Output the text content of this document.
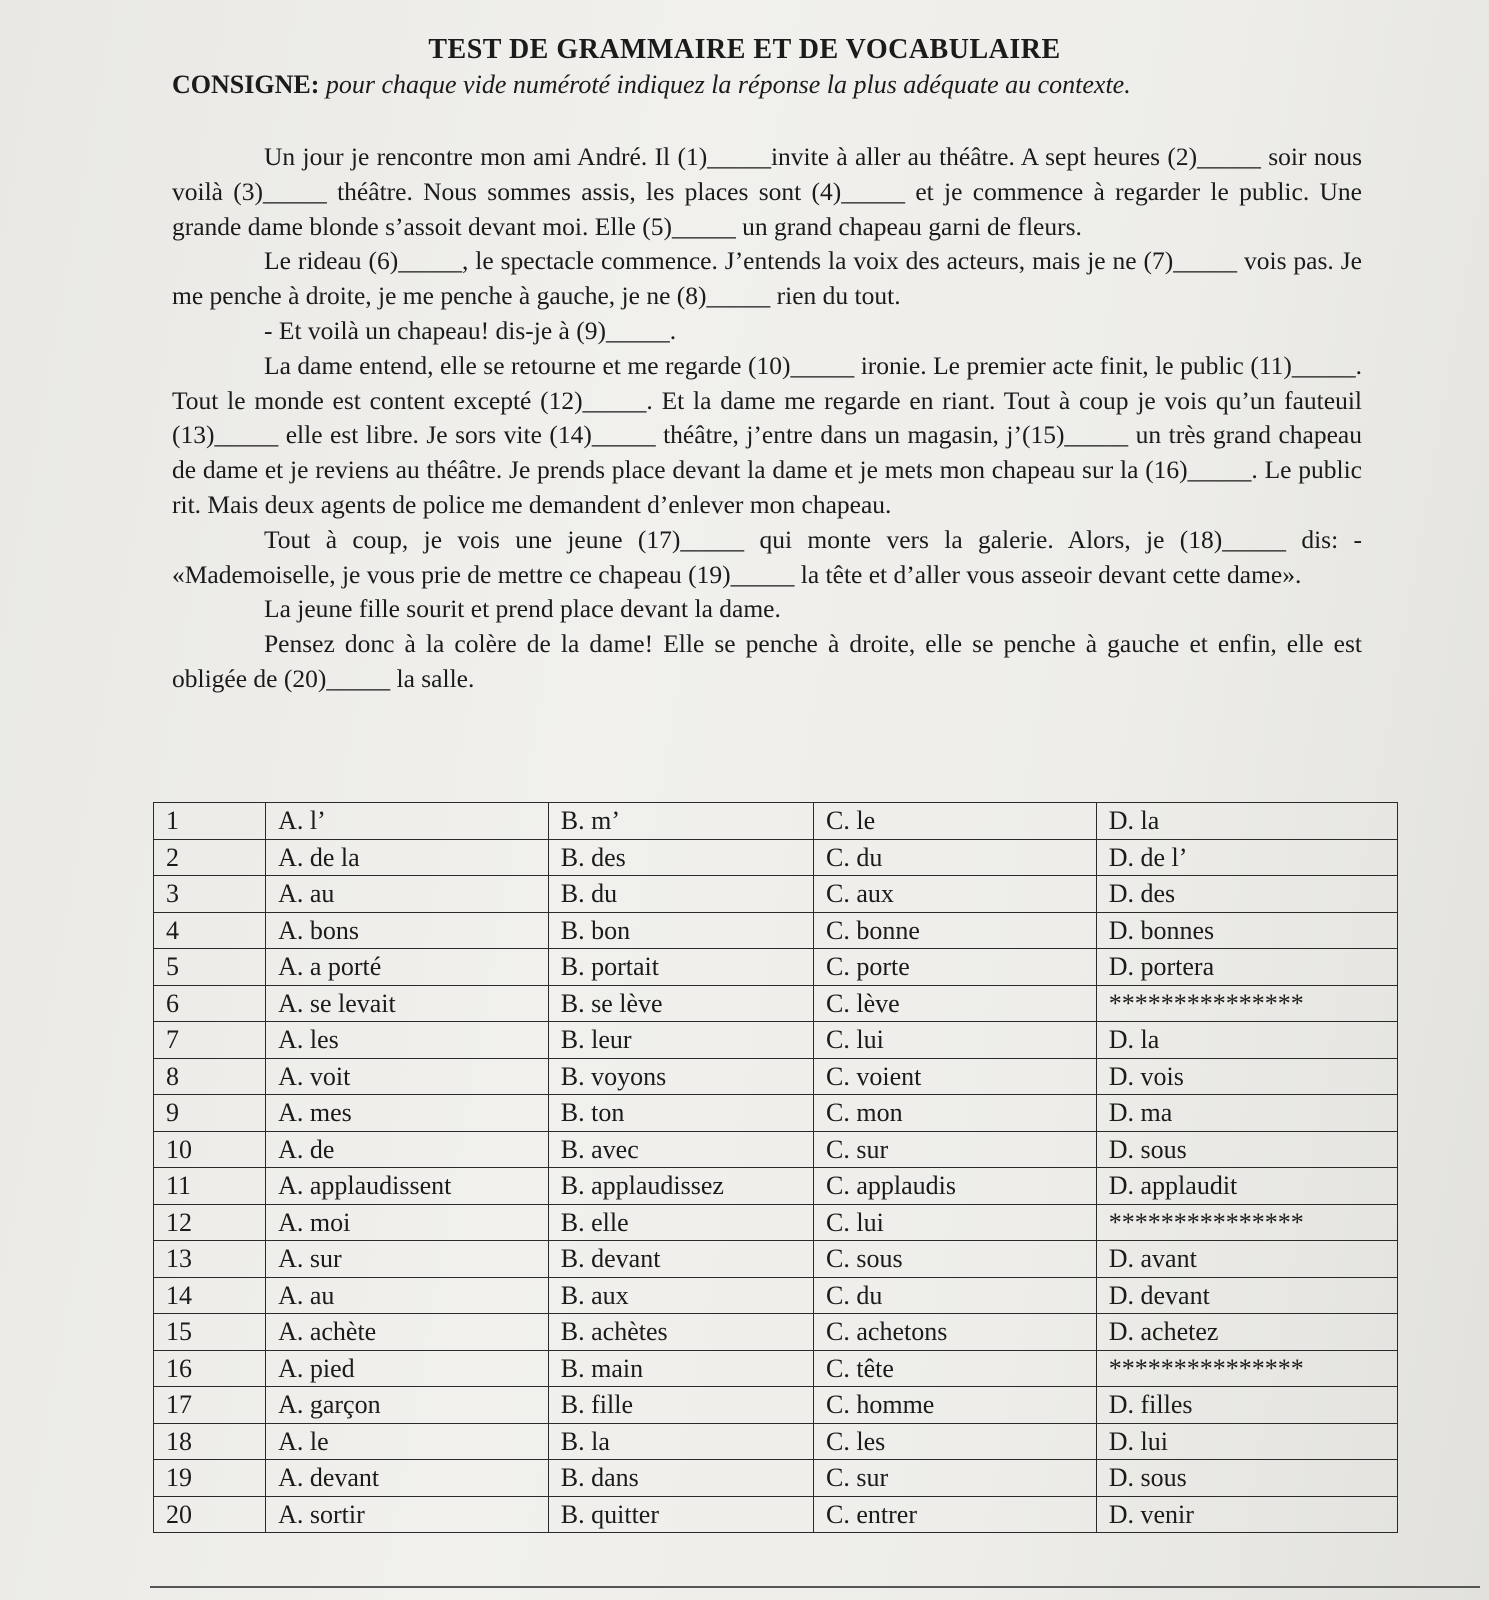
TEST DE GRAMMAIRE ET DE VOCABULAIRE
CONSIGNE: pour chaque vide numéroté indiquez la réponse la plus adéquate au contexte.

Un jour je rencontre mon ami André. Il (1)_____invite à aller au théâtre. A sept heures (2)_____ soir nous voilà (3)_____ théâtre. Nous sommes assis, les places sont (4)_____ et je commence à regarder le public. Une grande dame blonde s’assoit devant moi. Elle (5)_____ un grand chapeau garni de fleurs.

Le rideau (6)_____, le spectacle commence. J’entends la voix des acteurs, mais je ne (7)_____ vois pas. Je me penche à droite, je me penche à gauche, je ne (8)_____ rien du tout.

- Et voilà un chapeau! dis-je à (9)_____.

La dame entend, elle se retourne et me regarde (10)_____ ironie. Le premier acte finit, le public (11)_____. Tout le monde est content excepté (12)_____. Et la dame me regarde en riant. Tout à coup je vois qu’un fauteuil (13)_____ elle est libre. Je sors vite (14)_____ théâtre, j’entre dans un magasin, j’(15)_____ un très grand chapeau de dame et je reviens au théâtre. Je prends place devant la dame et je mets mon chapeau sur la (16)_____. Le public rit. Mais deux agents de police me demandent d’enlever mon chapeau.

Tout à coup, je vois une jeune (17)_____ qui monte vers la galerie. Alors, je (18)_____ dis: - «Mademoiselle, je vous prie de mettre ce chapeau (19)_____ la tête et d’aller vous asseoir devant cette dame».

La jeune fille sourit et prend place devant la dame.

Pensez donc à la colère de la dame! Elle se penche à droite, elle se penche à gauche et enfin, elle est obligée de (20)_____ la salle.

1	A. l’	B. m’	C. le	D. la
2	A. de la	B. des	C. du	D. de l’
3	A. au	B. du	C. aux	D. des
4	A. bons	B. bon	C. bonne	D. bonnes
5	A. a porté	B. portait	C. porte	D. portera
6	A. se levait	B. se lève	C. lève	***************
7	A. les	B. leur	C. lui	D. la
8	A. voit	B. voyons	C. voient	D. vois
9	A. mes	B. ton	C. mon	D. ma
10	A. de	B. avec	C. sur	D. sous
11	A. applaudissent	B. applaudissez	C. applaudis	D. applaudit
12	A. moi	B. elle	C. lui	***************
13	A. sur	B. devant	C. sous	D. avant
14	A. au	B. aux	C. du	D. devant
15	A. achète	B. achètes	C. achetons	D. achetez
16	A. pied	B. main	C. tête	***************
17	A. garçon	B. fille	C. homme	D. filles
18	A. le	B. la	C. les	D. lui
19	A. devant	B. dans	C. sur	D. sous
20	A. sortir	B. quitter	C. entrer	D. venir
